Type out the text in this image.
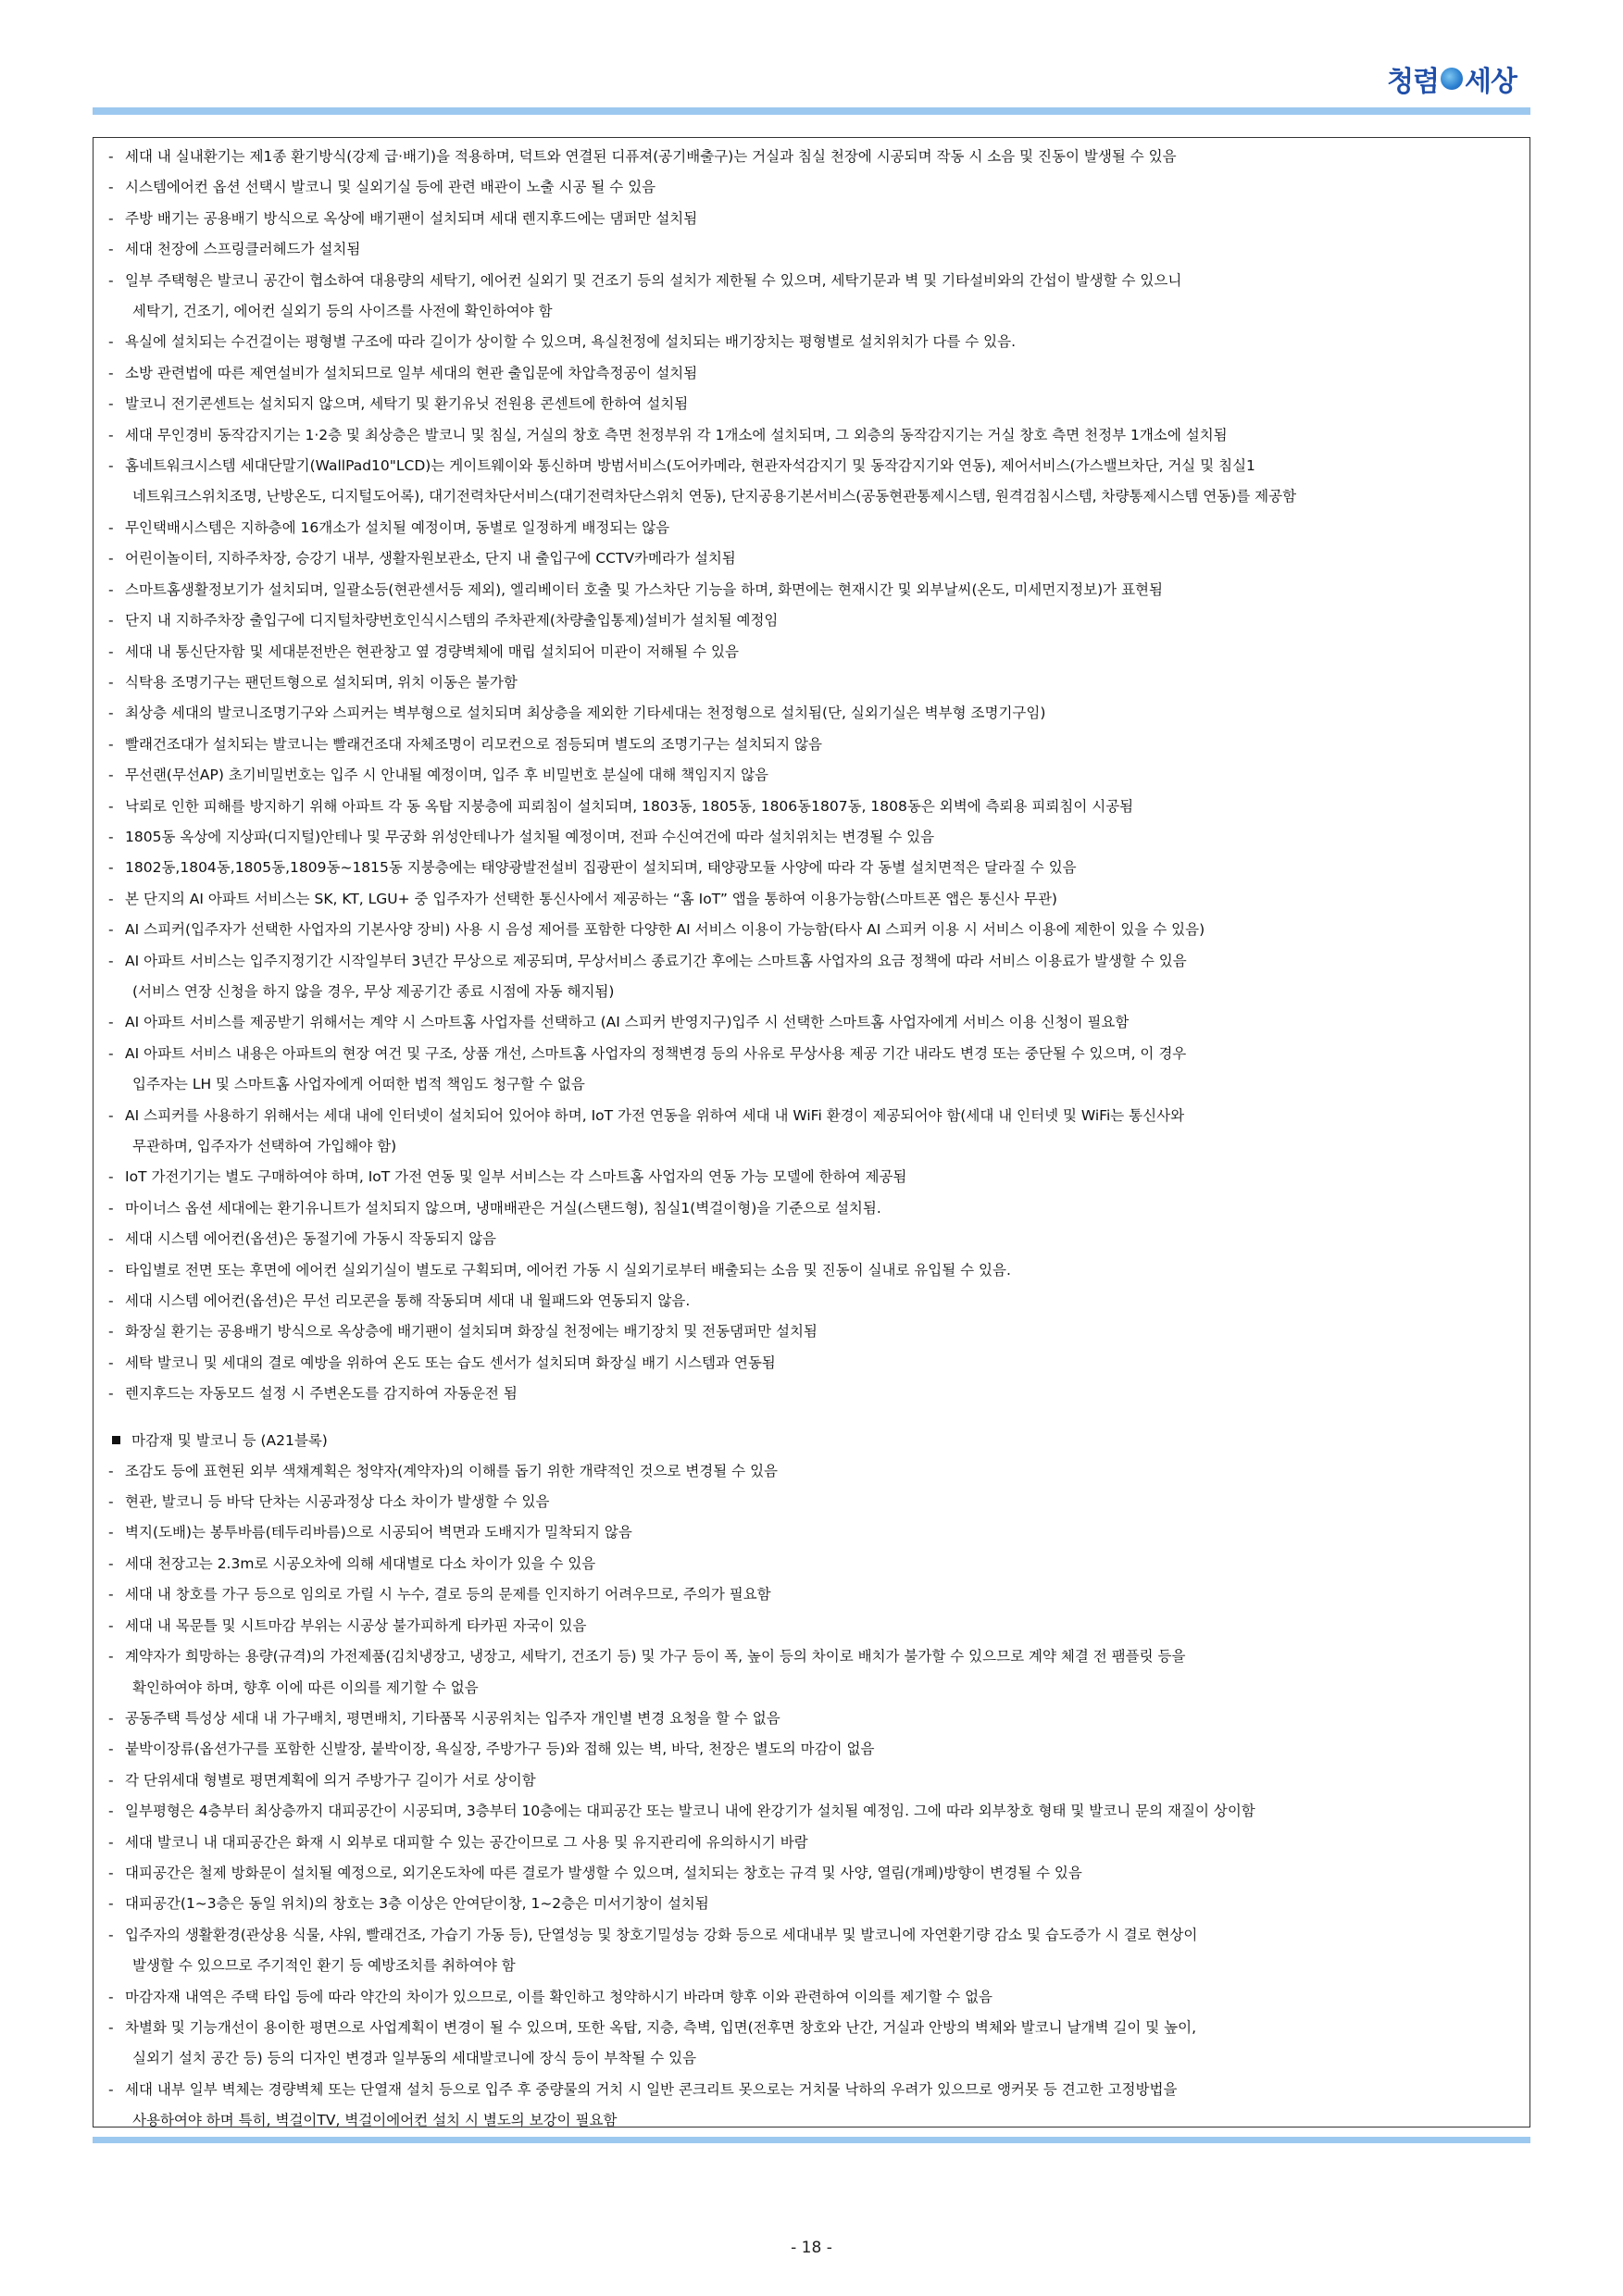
청렴 세상
- 세대 내 실내환기는 제1종 환기방식(강제 급·배기)을 적용하며, 덕트와 연결된 디퓨져(공기배출구)는 거실과 침실 천장에 시공되며 작동 시 소음 및 진동이 발생될 수 있음
- 시스템에어컨 옵션 선택시 발코니 및 실외기실 등에 관련 배관이 노출 시공 될 수 있음
- 주방 배기는 공용배기 방식으로 옥상에 배기팬이 설치되며 세대 렌지후드에는 댐퍼만 설치됨
- 세대 천장에 스프링클러헤드가 설치됨
- 일부 주택형은 발코니 공간이 협소하여 대용량의 세탁기, 에어컨 실외기 및 건조기 등의 설치가 제한될 수 있으며, 세탁기문과 벽 및 기타설비와의 간섭이 발생할 수 있으니
세탁기, 건조기, 에어컨 실외기 등의 사이즈를 사전에 확인하여야 함
- 욕실에 설치되는 수건걸이는 평형별 구조에 따라 길이가 상이할 수 있으며, 욕실천정에 설치되는 배기장치는 평형별로 설치위치가 다를 수 있음.
- 소방 관련법에 따른 제연설비가 설치되므로 일부 세대의 현관 출입문에 차압측정공이 설치됨
- 발코니 전기콘센트는 설치되지 않으며, 세탁기 및 환기유닛 전원용 콘센트에 한하여 설치됨
- 세대 무인경비 동작감지기는 1·2층 및 최상층은 발코니 및 침실, 거실의 창호 측면 천정부위 각 1개소에 설치되며, 그 외층의 동작감지기는 거실 창호 측면 천정부 1개소에 설치됨
- 홈네트워크시스템 세대단말기(WallPad10"LCD)는 게이트웨이와 통신하며 방범서비스(도어카메라, 현관자석감지기 및 동작감지기와 연동), 제어서비스(가스밸브차단, 거실 및 침실1
네트워크스위치조명, 난방온도, 디지털도어록), 대기전력차단서비스(대기전력차단스위치 연동), 단지공용기본서비스(공동현관통제시스템, 원격검침시스템, 차량통제시스템 연동)를 제공함
- 무인택배시스템은 지하층에 16개소가 설치될 예정이며, 동별로 일정하게 배정되는 않음
- 어린이놀이터, 지하주차장, 승강기 내부, 생활자원보관소, 단지 내 출입구에 CCTV카메라가 설치됨
- 스마트홈생활정보기가 설치되며, 일괄소등(현관센서등 제외), 엘리베이터 호출 및 가스차단 기능을 하며, 화면에는 현재시간 및 외부날씨(온도, 미세먼지정보)가 표현됨
- 단지 내 지하주차장 출입구에 디지털차량번호인식시스템의 주차관제(차량출입통제)설비가 설치될 예정임
- 세대 내 통신단자함 및 세대분전반은 현관창고 옆 경량벽체에 매립 설치되어 미관이 저해될 수 있음
- 식탁용 조명기구는 팬던트형으로 설치되며, 위치 이동은 불가함
- 최상층 세대의 발코니조명기구와 스피커는 벽부형으로 설치되며 최상층을 제외한 기타세대는 천정형으로 설치됨(단, 실외기실은 벽부형 조명기구임)
- 빨래건조대가 설치되는 발코니는 빨래건조대 자체조명이 리모컨으로 점등되며 별도의 조명기구는 설치되지 않음
- 무선랜(무선AP) 초기비밀번호는 입주 시 안내될 예정이며, 입주 후 비밀번호 분실에 대해 책임지지 않음
- 낙뢰로 인한 피해를 방지하기 위해 아파트 각 동 옥탑 지붕층에 피뢰침이 설치되며, 1803동, 1805동, 1806동1807동, 1808동은 외벽에 측뢰용 피뢰침이 시공됨
- 1805동 옥상에 지상파(디지털)안테나 및 무궁화 위성안테나가 설치될 예정이며, 전파 수신여건에 따라 설치위치는 변경될 수 있음
- 1802동,1804동,1805동,1809동~1815동 지붕층에는 태양광발전설비 집광판이 설치되며, 태양광모듈 사양에 따라 각 동별 설치면적은 달라질 수 있음
- 본 단지의 AI 아파트 서비스는 SK, KT, LGU+ 중 입주자가 선택한 통신사에서 제공하는 “홈 IoT” 앱을 통하여 이용가능함(스마트폰 앱은 통신사 무관)
- AI 스피커(입주자가 선택한 사업자의 기본사양 장비) 사용 시 음성 제어를 포함한 다양한 AI 서비스 이용이 가능함(타사 AI 스피커 이용 시 서비스 이용에 제한이 있을 수 있음)
- AI 아파트 서비스는 입주지정기간 시작일부터 3년간 무상으로 제공되며, 무상서비스 종료기간 후에는 스마트홈 사업자의 요금 정책에 따라 서비스 이용료가 발생할 수 있음
(서비스 연장 신청을 하지 않을 경우, 무상 제공기간 종료 시점에 자동 해지됨)
- AI 아파트 서비스를 제공받기 위해서는 계약 시 스마트홈 사업자를 선택하고 (AI 스피커 반영지구)입주 시 선택한 스마트홈 사업자에게 서비스 이용 신청이 필요함
- AI 아파트 서비스 내용은 아파트의 현장 여건 및 구조, 상품 개선, 스마트홈 사업자의 정책변경 등의 사유로 무상사용 제공 기간 내라도 변경 또는 중단될 수 있으며, 이 경우
입주자는 LH 및 스마트홈 사업자에게 어떠한 법적 책임도 청구할 수 없음
- AI 스피커를 사용하기 위해서는 세대 내에 인터넷이 설치되어 있어야 하며, IoT 가전 연동을 위하여 세대 내 WiFi 환경이 제공되어야 함(세대 내 인터넷 및 WiFi는 통신사와
무관하며, 입주자가 선택하여 가입해야 함)
- IoT 가전기기는 별도 구매하여야 하며, IoT 가전 연동 및 일부 서비스는 각 스마트홈 사업자의 연동 가능 모델에 한하여 제공됨
- 마이너스 옵션 세대에는 환기유니트가 설치되지 않으며, 냉매배관은 거실(스탠드형), 침실1(벽걸이형)을 기준으로 설치됨.
- 세대 시스템 에어컨(옵션)은 동절기에 가동시 작동되지 않음
- 타입별로 전면 또는 후면에 에어컨 실외기실이 별도로 구획되며, 에어컨 가동 시 실외기로부터 배출되는 소음 및 진동이 실내로 유입될 수 있음.
- 세대 시스템 에어컨(옵션)은 무선 리모콘을 통해 작동되며 세대 내 월패드와 연동되지 않음.
- 화장실 환기는 공용배기 방식으로 옥상층에 배기팬이 설치되며 화장실 천정에는 배기장치 및 전동댐퍼만 설치됨
- 세탁 발코니 및 세대의 결로 예방을 위하여 온도 또는 습도 센서가 설치되며 화장실 배기 시스템과 연동됨
- 렌지후드는 자동모드 설정 시 주변온도를 감지하여 자동운전 됨
마감재 및 발코니 등 (A21블록)
- 조감도 등에 표현된 외부 색채계획은 청약자(계약자)의 이해를 돕기 위한 개략적인 것으로 변경될 수 있음
- 현관, 발코니 등 바닥 단차는 시공과정상 다소 차이가 발생할 수 있음
- 벽지(도배)는 봉투바름(테두리바름)으로 시공되어 벽면과 도배지가 밀착되지 않음
- 세대 천장고는 2.3m로 시공오차에 의해 세대별로 다소 차이가 있을 수 있음
- 세대 내 창호를 가구 등으로 임의로 가릴 시 누수, 결로 등의 문제를 인지하기 어려우므로, 주의가 필요함
- 세대 내 목문틀 및 시트마감 부위는 시공상 불가피하게 타카핀 자국이 있음
- 계약자가 희망하는 용량(규격)의 가전제품(김치냉장고, 냉장고, 세탁기, 건조기 등) 및 가구 등이 폭, 높이 등의 차이로 배치가 불가할 수 있으므로 계약 체결 전 팸플릿 등을
확인하여야 하며, 향후 이에 따른 이의를 제기할 수 없음
- 공동주택 특성상 세대 내 가구배치, 평면배치, 기타품목 시공위치는 입주자 개인별 변경 요청을 할 수 없음
- 붙박이장류(옵션가구를 포함한 신발장, 붙박이장, 욕실장, 주방가구 등)와 접해 있는 벽, 바닥, 천장은 별도의 마감이 없음
- 각 단위세대 형별로 평면계획에 의거 주방가구 길이가 서로 상이함
- 일부평형은 4층부터 최상층까지 대피공간이 시공되며, 3층부터 10층에는 대피공간 또는 발코니 내에 완강기가 설치될 예정임. 그에 따라 외부창호 형태 및 발코니 문의 재질이 상이함
- 세대 발코니 내 대피공간은 화재 시 외부로 대피할 수 있는 공간이므로 그 사용 및 유지관리에 유의하시기 바람
- 대피공간은 철제 방화문이 설치될 예정으로, 외기온도차에 따른 결로가 발생할 수 있으며, 설치되는 창호는 규격 및 사양, 열림(개폐)방향이 변경될 수 있음
- 대피공간(1~3층은 동일 위치)의 창호는 3층 이상은 안여닫이창, 1~2층은 미서기창이 설치됨
- 입주자의 생활환경(관상용 식물, 샤워, 빨래건조, 가습기 가동 등), 단열성능 및 창호기밀성능 강화 등으로 세대내부 및 발코니에 자연환기량 감소 및 습도증가 시 결로 현상이
발생할 수 있으므로 주기적인 환기 등 예방조치를 취하여야 함
- 마감자재 내역은 주택 타입 등에 따라 약간의 차이가 있으므로, 이를 확인하고 청약하시기 바라며 향후 이와 관련하여 이의를 제기할 수 없음
- 차별화 및 기능개선이 용이한 평면으로 사업계획이 변경이 될 수 있으며, 또한 옥탑, 지층, 측벽, 입면(전후면 창호와 난간, 거실과 안방의 벽체와 발코니 날개벽 길이 및 높이,
실외기 설치 공간 등) 등의 디자인 변경과 일부동의 세대발코니에 장식 등이 부착될 수 있음
- 세대 내부 일부 벽체는 경량벽체 또는 단열재 설치 등으로 입주 후 중량물의 거치 시 일반 콘크리트 못으로는 거치물 낙하의 우려가 있으므로 앵커못 등 견고한 고정방법을
사용하여야 하며 특히, 벽걸이TV, 벽걸이에어컨 설치 시 별도의 보강이 필요함
- 18 -
